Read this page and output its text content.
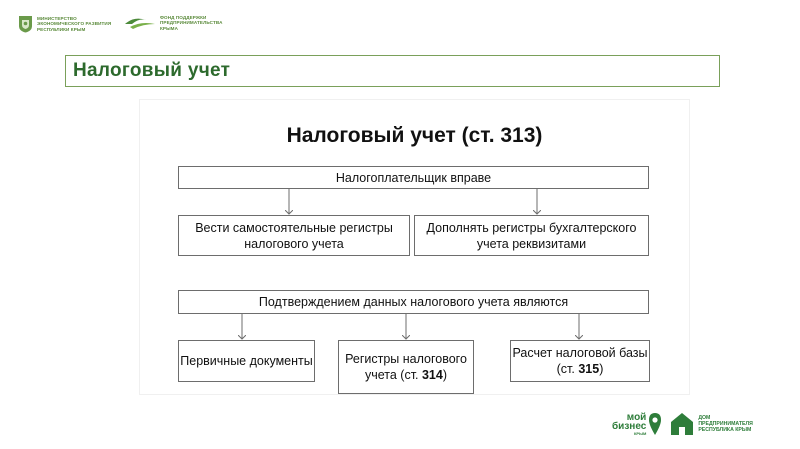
МИНИСТЕРСТВО
ЭКОНОМИЧЕСКОГО РАЗВИТИЯ
РЕСПУБЛИКИ КРЫМ
ФОНД ПОДДЕРЖКИ
ПРЕДПРИНИМАТЕЛЬСТВА
КРЫМА
Налоговый учет
Налоговый учет (ст. 313)
Налогоплательщик вправе
Вести самостоятельные регистры налогового учета
Дополнять регистры бухгалтерского учета реквизитами
Подтверждением данных налогового учета являются
Первичные документы	Регистры налогового учета (ст. 314)
Расчет налоговой базы (ст. 315)
мой
бизнес
КРЫМ
ДОМ
ПРЕДПРИНИМАТЕЛЯ
РЕСПУБЛИКА КРЫМ
